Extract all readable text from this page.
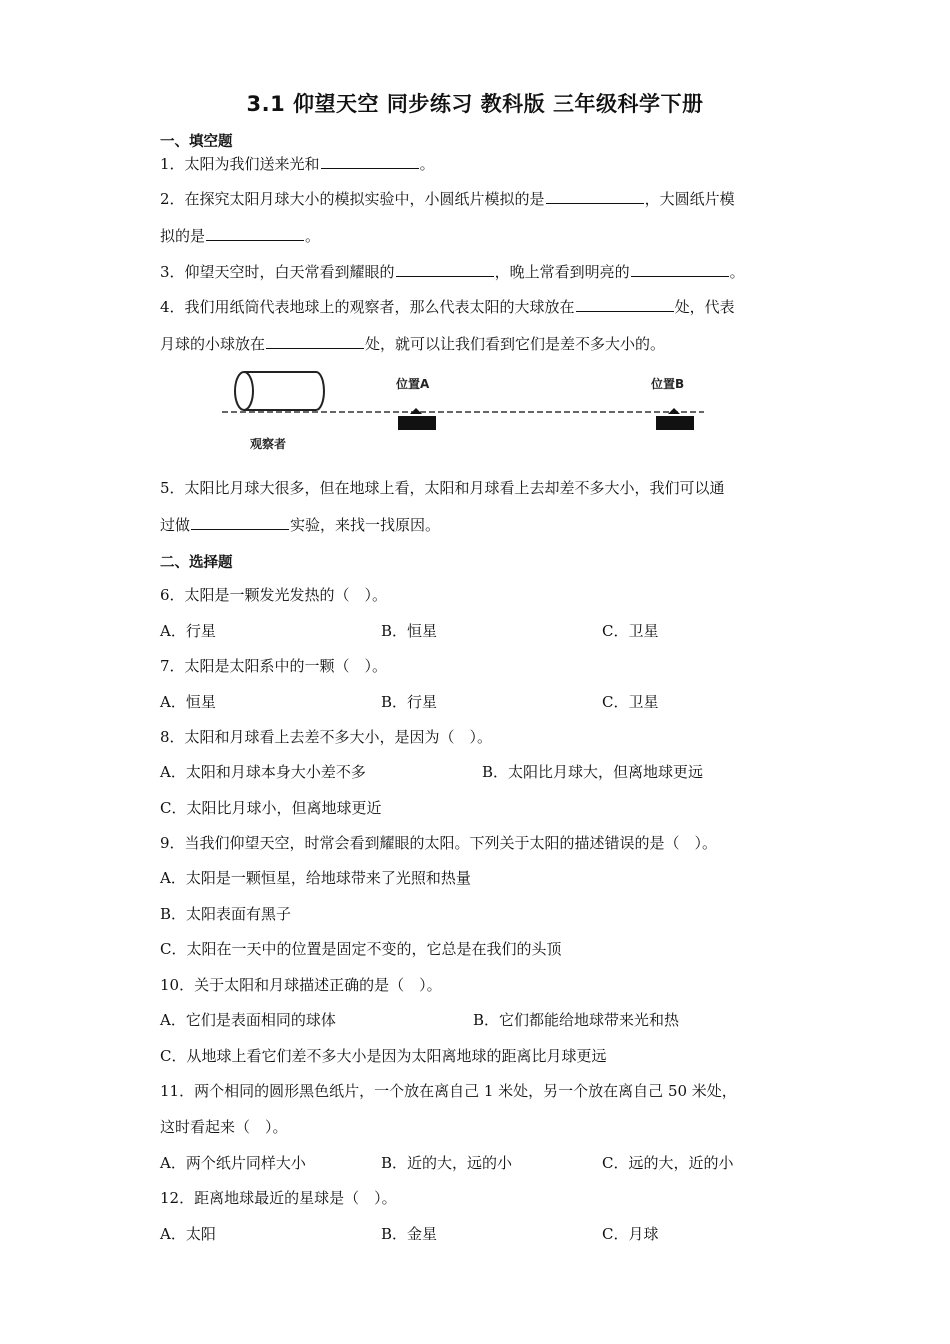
3.1 仰望天空 同步练习 教科版 三年级科学下册
一、填空题
1．太阳为我们送来光和	。
2．在探究太阳月球大小的模拟实验中，小圆纸片模拟的是	，大圆纸片模
拟的是	。
3．仰望天空时，白天常看到耀眼的	，晚上常看到明亮的	。
4．我们用纸筒代表地球上的观察者，那么代表太阳的大球放在	处，代表
月球的小球放在	处，就可以让我们看到它们是差不多大小的。
观察者
位置A	位置B
5．太阳比月球大很多，但在地球上看，太阳和月球看上去却差不多大小，我们可以通
过做	实验，来找一找原因。
二、选择题
6．太阳是一颗发光发热的（　）。
A．行星	B．恒星	C．卫星
7．太阳是太阳系中的一颗（　）。
A．恒星	B．行星	C．卫星
8．太阳和月球看上去差不多大小，是因为（　）。
A．太阳和月球本身大小差不多	B．太阳比月球大，但离地球更远
C．太阳比月球小，但离地球更近
9．当我们仰望天空，时常会看到耀眼的太阳。下列关于太阳的描述错误的是（　）。
A．太阳是一颗恒星，给地球带来了光照和热量
B．太阳表面有黑子
C．太阳在一天中的位置是固定不变的，它总是在我们的头顶
10．关于太阳和月球描述正确的是（　）。
A．它们是表面相同的球体	B．它们都能给地球带来光和热
C．从地球上看它们差不多大小是因为太阳离地球的距离比月球更远
11．两个相同的圆形黑色纸片，一个放在离自己 1 米处，另一个放在离自己 50 米处，
这时看起来（　）。
A．两个纸片同样大小	B．近的大，远的小	C．远的大，近的小
12．距离地球最近的星球是（　）。
A．太阳	B．金星	C．月球
